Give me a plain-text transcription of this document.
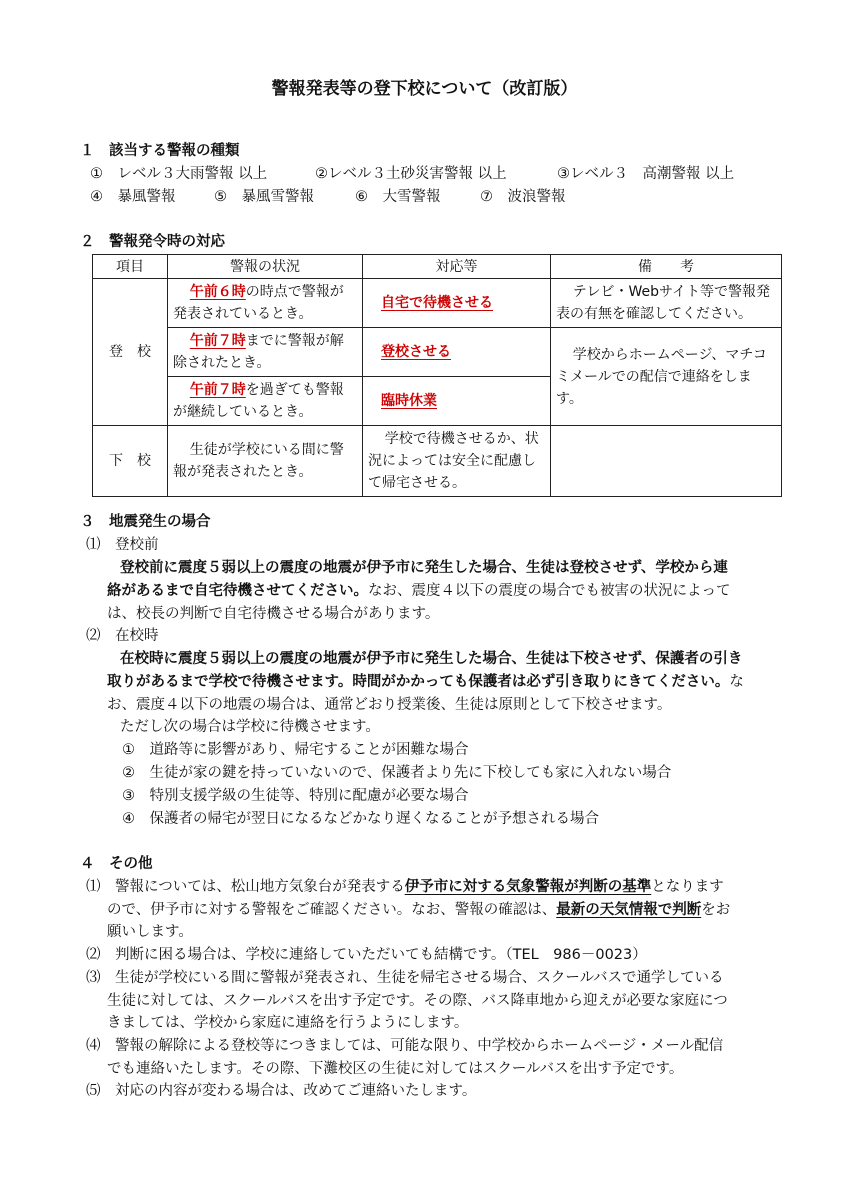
警報発表等の登下校について（改訂版）
１　該当する警報の種類
①　レベル３大雨警報 以上	②レベル３土砂災害警報 以上	③レベル３　高潮警報 以上
④　暴風警報	⑤　暴風雪警報	⑥　大雪警報	⑦　波浪警報
２　警報発令時の対応
項目	警報の状況	対応等	備　　考
登　校	午前６時の時点で警報が発表されているとき。	自宅で待機させる	テレビ・Webサイト等で警報発表の有無を確認してください。
	午前７時までに警報が解除されたとき。	登校させる	学校からホームページ、マチコミメールでの配信で連絡をします。
	午前７時を過ぎても警報が継続しているとき。	臨時休業	
下　校	生徒が学校にいる間に警報が発表されたとき。	学校で待機させるか、状況によっては安全に配慮して帰宅させる。	
３　地震発生の場合
⑴　登校前
登校前に震度５弱以上の震度の地震が伊予市に発生した場合、生徒は登校させず、学校から連
絡があるまで自宅待機させてください。なお、震度４以下の震度の場合でも被害の状況によって
は、校長の判断で自宅待機させる場合があります。
⑵　在校時
在校時に震度５弱以上の震度の地震が伊予市に発生した場合、生徒は下校させず、保護者の引き
取りがあるまで学校で待機させます。時間がかかっても保護者は必ず引き取りにきてください。な
お、震度４以下の地震の場合は、通常どおり授業後、生徒は原則として下校させます。
ただし次の場合は学校に待機させます。
①　道路等に影響があり、帰宅することが困難な場合
②　生徒が家の鍵を持っていないので、保護者より先に下校しても家に入れない場合
③　特別支援学級の生徒等、特別に配慮が必要な場合
④　保護者の帰宅が翌日になるなどかなり遅くなることが予想される場合
４　その他
⑴　警報については、松山地方気象台が発表する伊予市に対する気象警報が判断の基準となります
ので、伊予市に対する警報をご確認ください。なお、警報の確認は、最新の天気情報で判断をお
願いします。
⑵　判断に困る場合は、学校に連絡していただいても結構です。（TEL　986－0023）
⑶　生徒が学校にいる間に警報が発表され、生徒を帰宅させる場合、スクールバスで通学している
生徒に対しては、スクールバスを出す予定です。その際、バス降車地から迎えが必要な家庭につ
きましては、学校から家庭に連絡を行うようにします。
⑷　警報の解除による登校等につきましては、可能な限り、中学校からホームページ・メール配信
でも連絡いたします。その際、下灘校区の生徒に対してはスクールバスを出す予定です。
⑸　対応の内容が変わる場合は、改めてご連絡いたします。
